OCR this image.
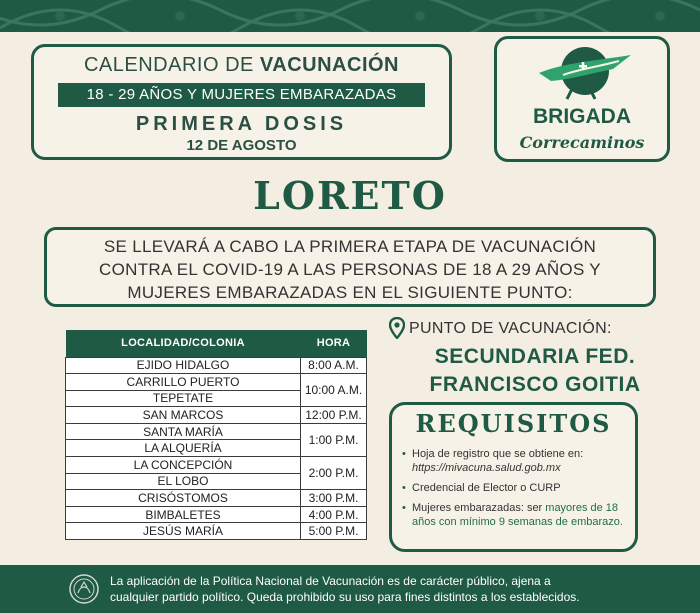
CALENDARIO DE VACUNACIÓN
18 - 29 AÑOS Y MUJERES EMBARAZADAS
PRIMERA DOSIS
12 DE AGOSTO
BRIGADA
Correcaminos
LORETO
SE LLEVARÁ A CABO LA PRIMERA ETAPA DE VACUNACIÓN
CONTRA EL COVID-19 A LAS PERSONAS DE 18 A 29 AÑOS Y
MUJERES EMBARAZADAS EN EL SIGUIENTE PUNTO:
LOCALIDAD/COLONIA	HORA
EJIDO HIDALGO	8:00 A.M.
CARRILLO PUERTO	10:00 A.M.
TEPETATE	
SAN MARCOS	12:00 P.M.
SANTA MARÍA	1:00 P.M.
LA ALQUERÍA	
LA CONCEPCIÓN	2:00 P.M.
EL LOBO	
CRISÓSTOMOS	3:00 P.M.
BIMBALETES	4:00 P.M.
JESÚS MARÍA	5:00 P.M.
PUNTO DE VACUNACIÓN:
SECUNDARIA FED.
FRANCISCO GOITIA
REQUISITOS
• Hoja de registro que se obtiene en: https://mivacuna.salud.gob.mx
• Credencial de Elector o CURP
• Mujeres embarazadas: ser mayores de 18 años con mínimo 9 semanas de embarazo.
La aplicación de la Política Nacional de Vacunación es de carácter público, ajena a
cualquier partido político. Queda prohibido su uso para fines distintos a los establecidos.
